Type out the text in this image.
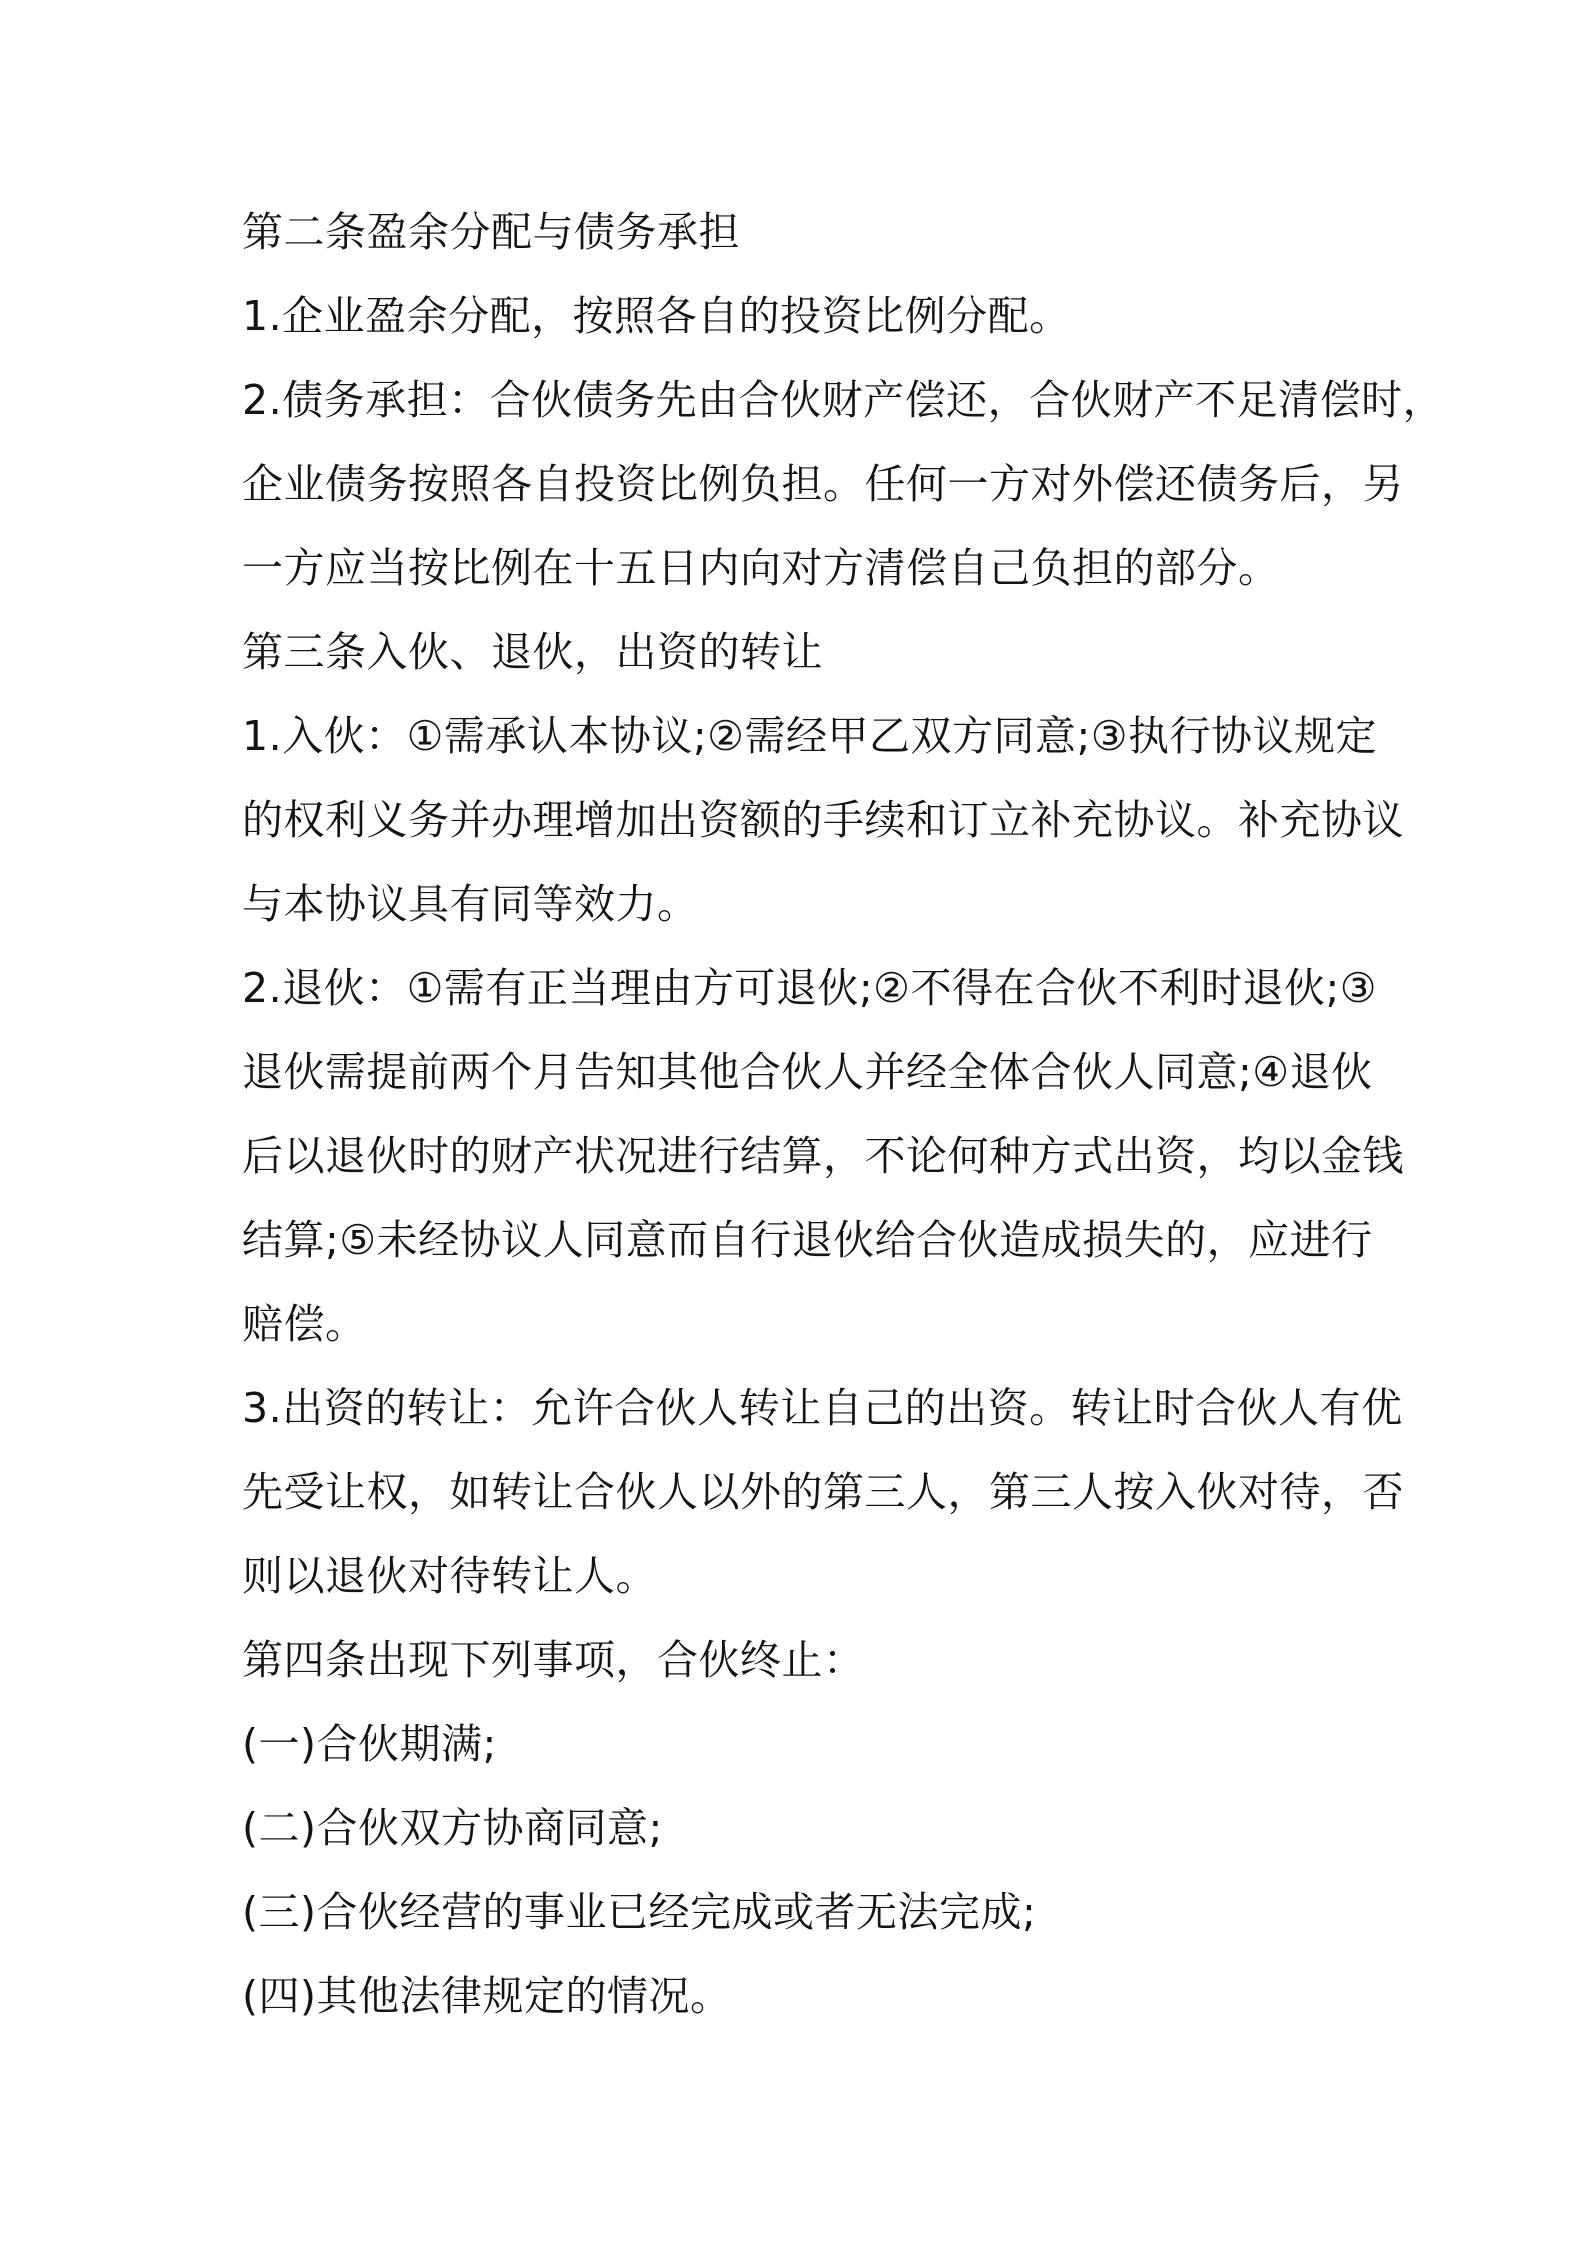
第二条盈余分配与债务承担
1.企业盈余分配，按照各自的投资比例分配。
2.债务承担：合伙债务先由合伙财产偿还，合伙财产不足清偿时，
企业债务按照各自投资比例负担。任何一方对外偿还债务后，另
一方应当按比例在十五日内向对方清偿自己负担的部分。
第三条入伙、退伙，出资的转让
1.入伙：①需承认本协议;②需经甲乙双方同意;③执行协议规定
的权利义务并办理增加出资额的手续和订立补充协议。补充协议
与本协议具有同等效力。
2.退伙：①需有正当理由方可退伙;②不得在合伙不利时退伙;③
退伙需提前两个月告知其他合伙人并经全体合伙人同意;④退伙
后以退伙时的财产状况进行结算，不论何种方式出资，均以金钱
结算;⑤未经协议人同意而自行退伙给合伙造成损失的，应进行
赔偿。
3.出资的转让：允许合伙人转让自己的出资。转让时合伙人有优
先受让权，如转让合伙人以外的第三人，第三人按入伙对待，否
则以退伙对待转让人。
第四条出现下列事项，合伙终止：
(一)合伙期满;
(二)合伙双方协商同意;
(三)合伙经营的事业已经完成或者无法完成;
(四)其他法律规定的情况。
